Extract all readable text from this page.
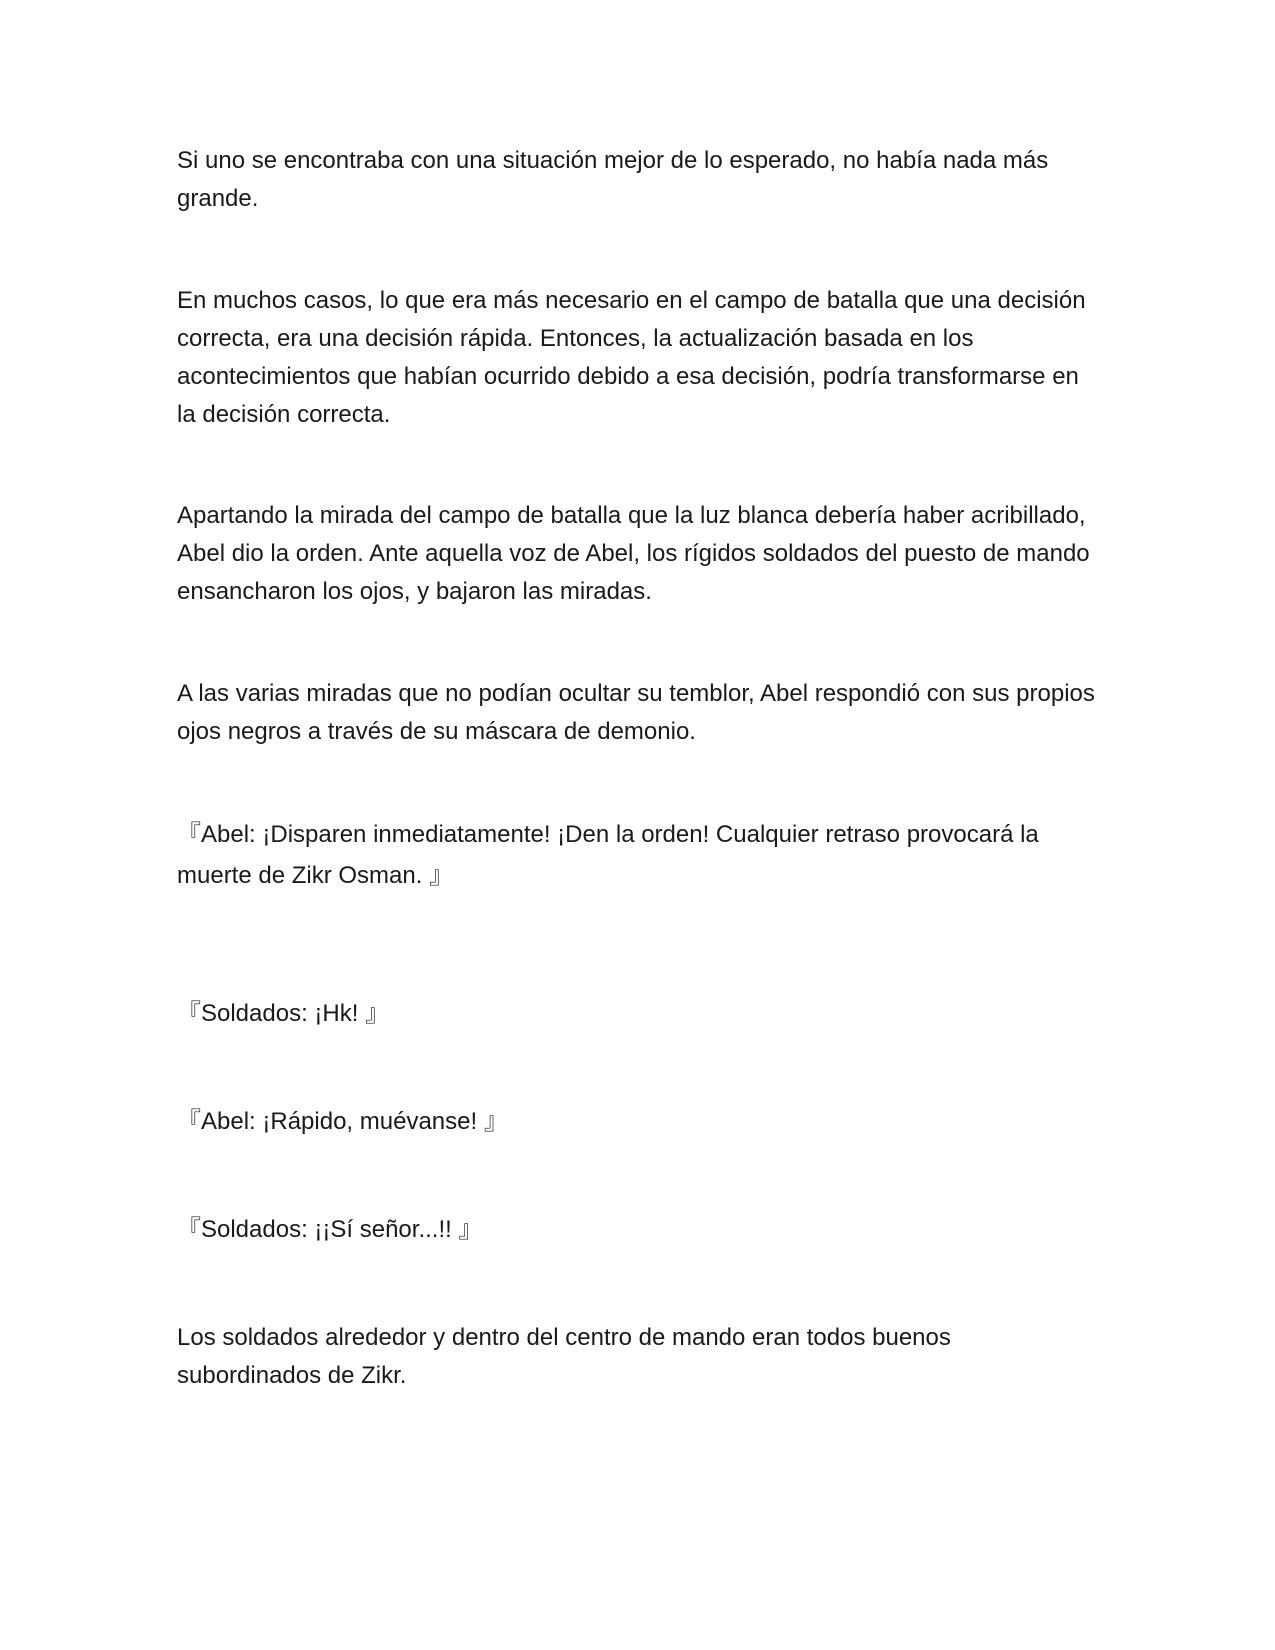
Si uno se encontraba con una situación mejor de lo esperado, no había nada más grande.

En muchos casos, lo que era más necesario en el campo de batalla que una decisión correcta, era una decisión rápida. Entonces, la actualización basada en los acontecimientos que habían ocurrido debido a esa decisión, podría transformarse en la decisión correcta.

Apartando la mirada del campo de batalla que la luz blanca debería haber acribillado, Abel dio la orden. Ante aquella voz de Abel, los rígidos soldados del puesto de mando ensancharon los ojos, y bajaron las miradas.

A las varias miradas que no podían ocultar su temblor, Abel respondió con sus propios ojos negros a través de su máscara de demonio.

『Abel: ¡Disparen inmediatamente! ¡Den la orden! Cualquier retraso provocará la muerte de Zikr Osman. 』

『Soldados: ¡Hk! 』

『Abel: ¡Rápido, muévanse! 』

『Soldados: ¡¡Sí señor...!! 』

Los soldados alrededor y dentro del centro de mando eran todos buenos subordinados de Zikr.
